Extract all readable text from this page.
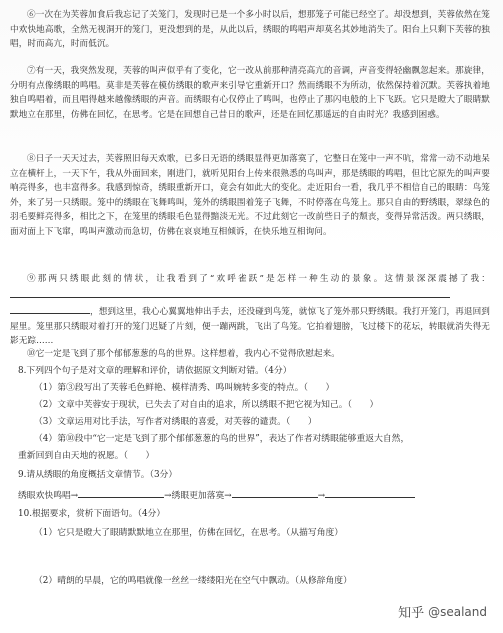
⑥一次在为芙蓉加食后我忘记了关笼门，发现时已是一个多小时以后，想那笼子可能已经空了。却没想到，芙蓉依然在笼中欢快地高歌，全然无视洞开的笼门，更没想到的是，从此以后，绣眼的鸣唱声却莫名其妙地消失了。阳台上只剩下芙蓉的独唱，时而高亢，时而低沉。

⑦有一天，我突然发现，芙蓉的叫声似乎有了变化，它一改从前那种清亮高亢的音调，声音变得轻幽飘忽起来。那旋律，分明有点像绣眼的鸣唱。莫非是芙蓉在模仿绣眼的歌声来引导它重新开口？然而绣眼不为所动，依然保持着沉默。芙蓉执着地独自鸣唱着，而且唱得越来越像绣眼的声音。而绣眼有心仅停止了鸣叫，也停止了那闪电般的上下飞跃。它只是瞪大了眼睛默默地立在那里，仿佛在回忆，在思考。它是在回想自己昔日的歌声，还是在回忆那遥远的自由时光？我感到困惑。

⑧日子一天天过去，芙蓉照旧每天欢歌，已多日无语的绣眼显得更加落寞了，它整日在笼中一声不吭，常常一动不动地呆立在横杆上，一天下午，我从外面回来，刚进门，就听见阳台上传来很熟悉的鸟叫声，那是绣眼的鸣唱，但比它原先的叫声要响亮得多，也丰富得多。我感到惊奇，绣眼重新开口，竟会有如此大的变化。走近阳台一看，我几乎不相信自己的眼睛：鸟笼外，来了另一只绣眼。笼中的绣眼在飞舞鸣叫，笼外的绣眼围着笼子飞舞，不时停落在鸟笼上。那只自由的野绣眼，翠绿色的羽毛要鲜亮得多，相比之下，在笼里的绣眼毛色显得黯淡无光。不过此刻它一改前些日子的颓丧，变得异常活泼。两只绣眼，面对面上下飞窜，鸣叫声激动而急切，仿佛在哀哀地互相倾诉，在快乐地互相询问。

⑨那两只绣眼此刻的情状，让我看到了“欢呼雀跃”是怎样一种生动的景象。这情景深深震撼了我：，想到这里，我心心翼翼地伸出手去，还没碰到鸟笼，就惊飞了笼外那只野绣眼。我打开笼门，再退回到屋里。笼里那只绣眼对着打开的笼门迟疑了片刻，便一蹦两跳，飞出了鸟笼。它拍着翅膀，飞过楼下的花坛，转眼就消失得无影无踪……

⑩它一定是飞到了那个郁郁葱葱的鸟的世界。这样想着，我内心不觉得欣慰起来。

8.下列四个句子是对文章的理解和评价，请依据原文判断对错。（4分）

（1）第③段写出了芙蓉毛色鲜艳、模样清秀、鸣叫婉转多变的特点。（　　）

（2）文章中芙蓉安于现状，已失去了对自由的追求，所以绣眼不把它视为知己。（　　）

（3）文章运用对比手法，写作者对绣眼的喜爱，对芙蓉的谴责。（　　）

（4）第⑩段中“它一定是飞到了那个郁郁葱葱的鸟的世界”，表达了作者对绣眼能够重返大自然，

重新回到自由天地的祝愿。（　　）

9.请从绣眼的角度概括文章情节。（3分）

绣眼欢快鸣唱→	→绣眼更加落寞→	→

10.根据要求，赏析下面语句。（4分）

（1）它只是瞪大了眼睛默默地立在那里，仿佛在回忆，在思考。（从描写角度）

（2）晴朗的早晨，它的鸣唱就像一丝丝一缕缕阳光在空气中飘动。（从修辞角度）

知乎 @sealand
